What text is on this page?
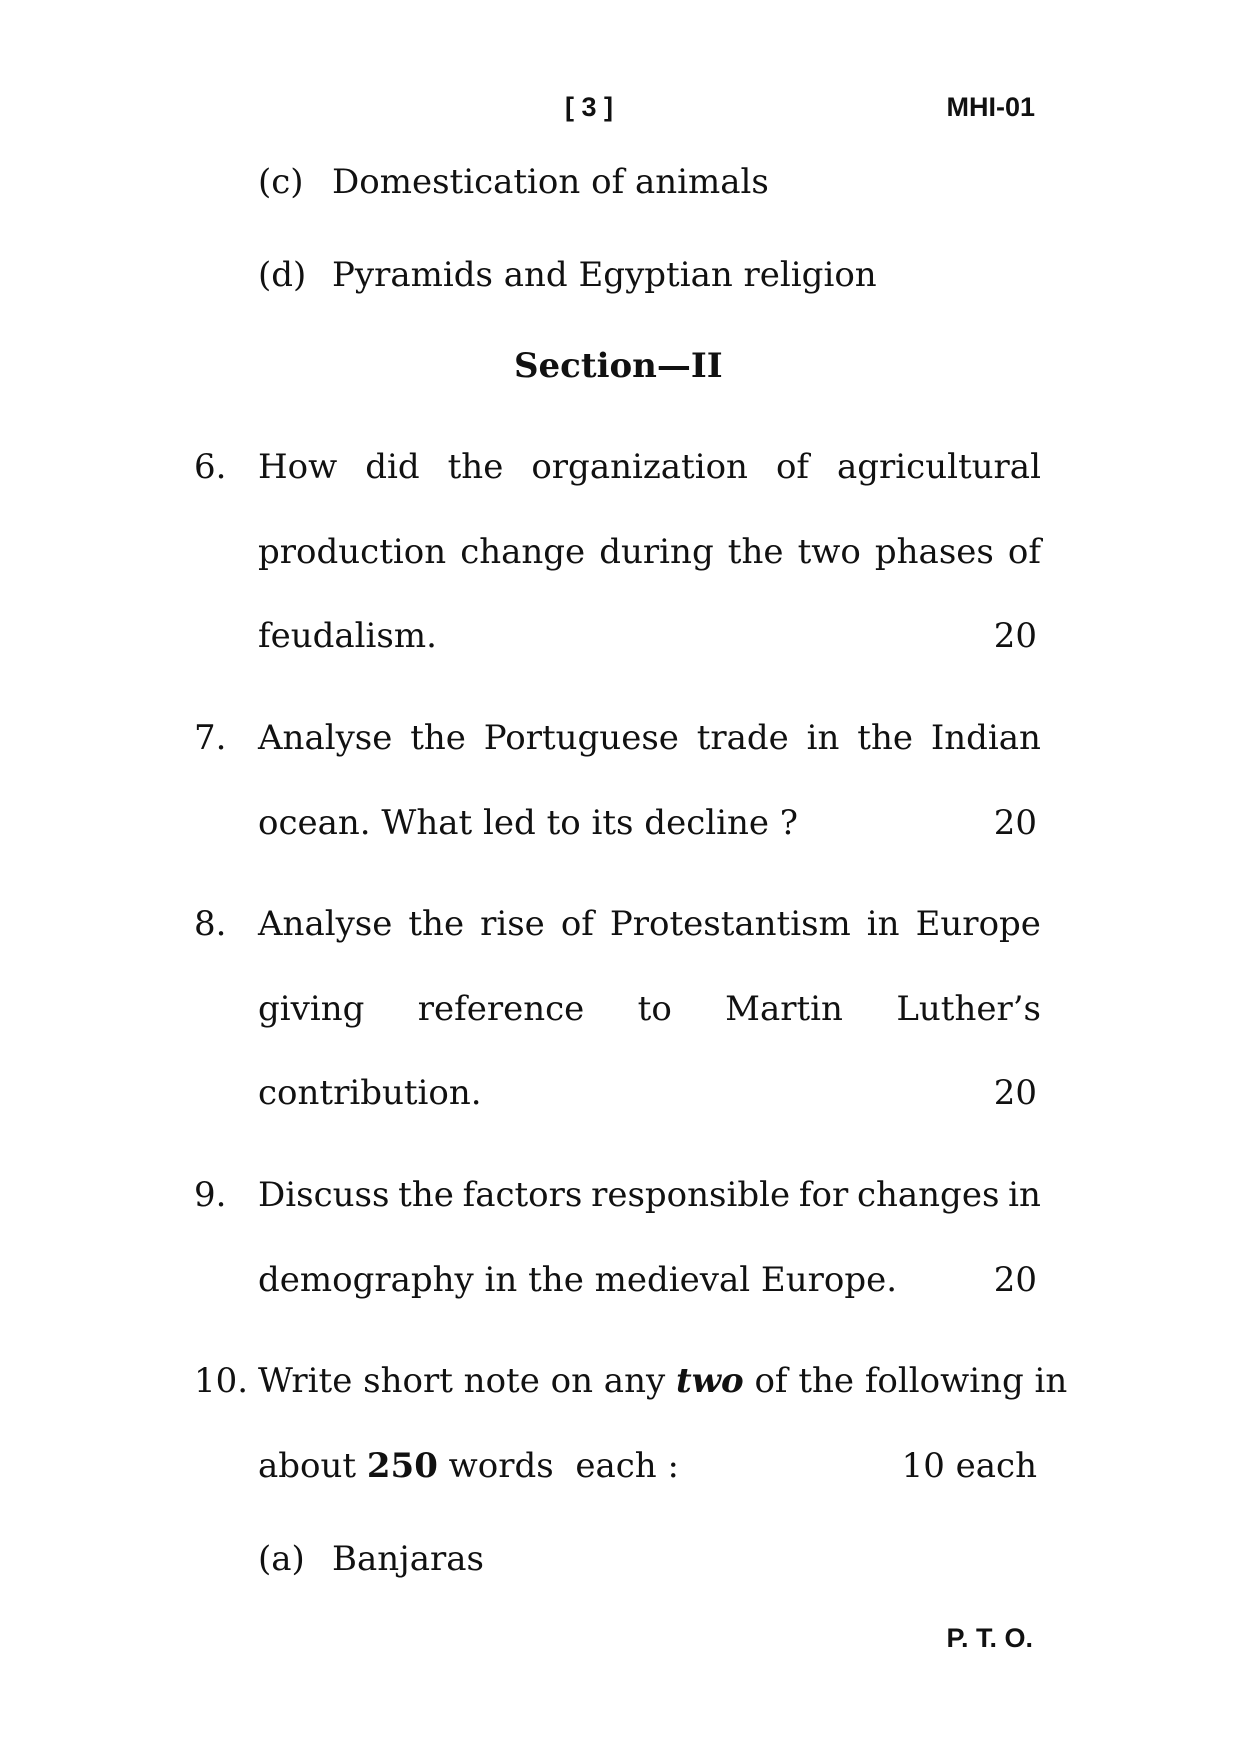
[ 3 ]	MHI-01
(c) Domestication of animals
(d) Pyramids and Egyptian religion
Section—II
6. How did the organization of agricultural
production change during the two phases of
feudalism.	20
7. Analyse the Portuguese trade in the Indian
ocean. What led to its decline ?	20
8. Analyse the rise of Protestantism in Europe
giving reference to Martin Luther’s
contribution.	20
9. Discuss the factors responsible for changes in
demography in the medieval Europe.	20
10. Write short note on any two of the following in
about 250 words  each :	10 each
(a) Banjaras
P. T. O.
